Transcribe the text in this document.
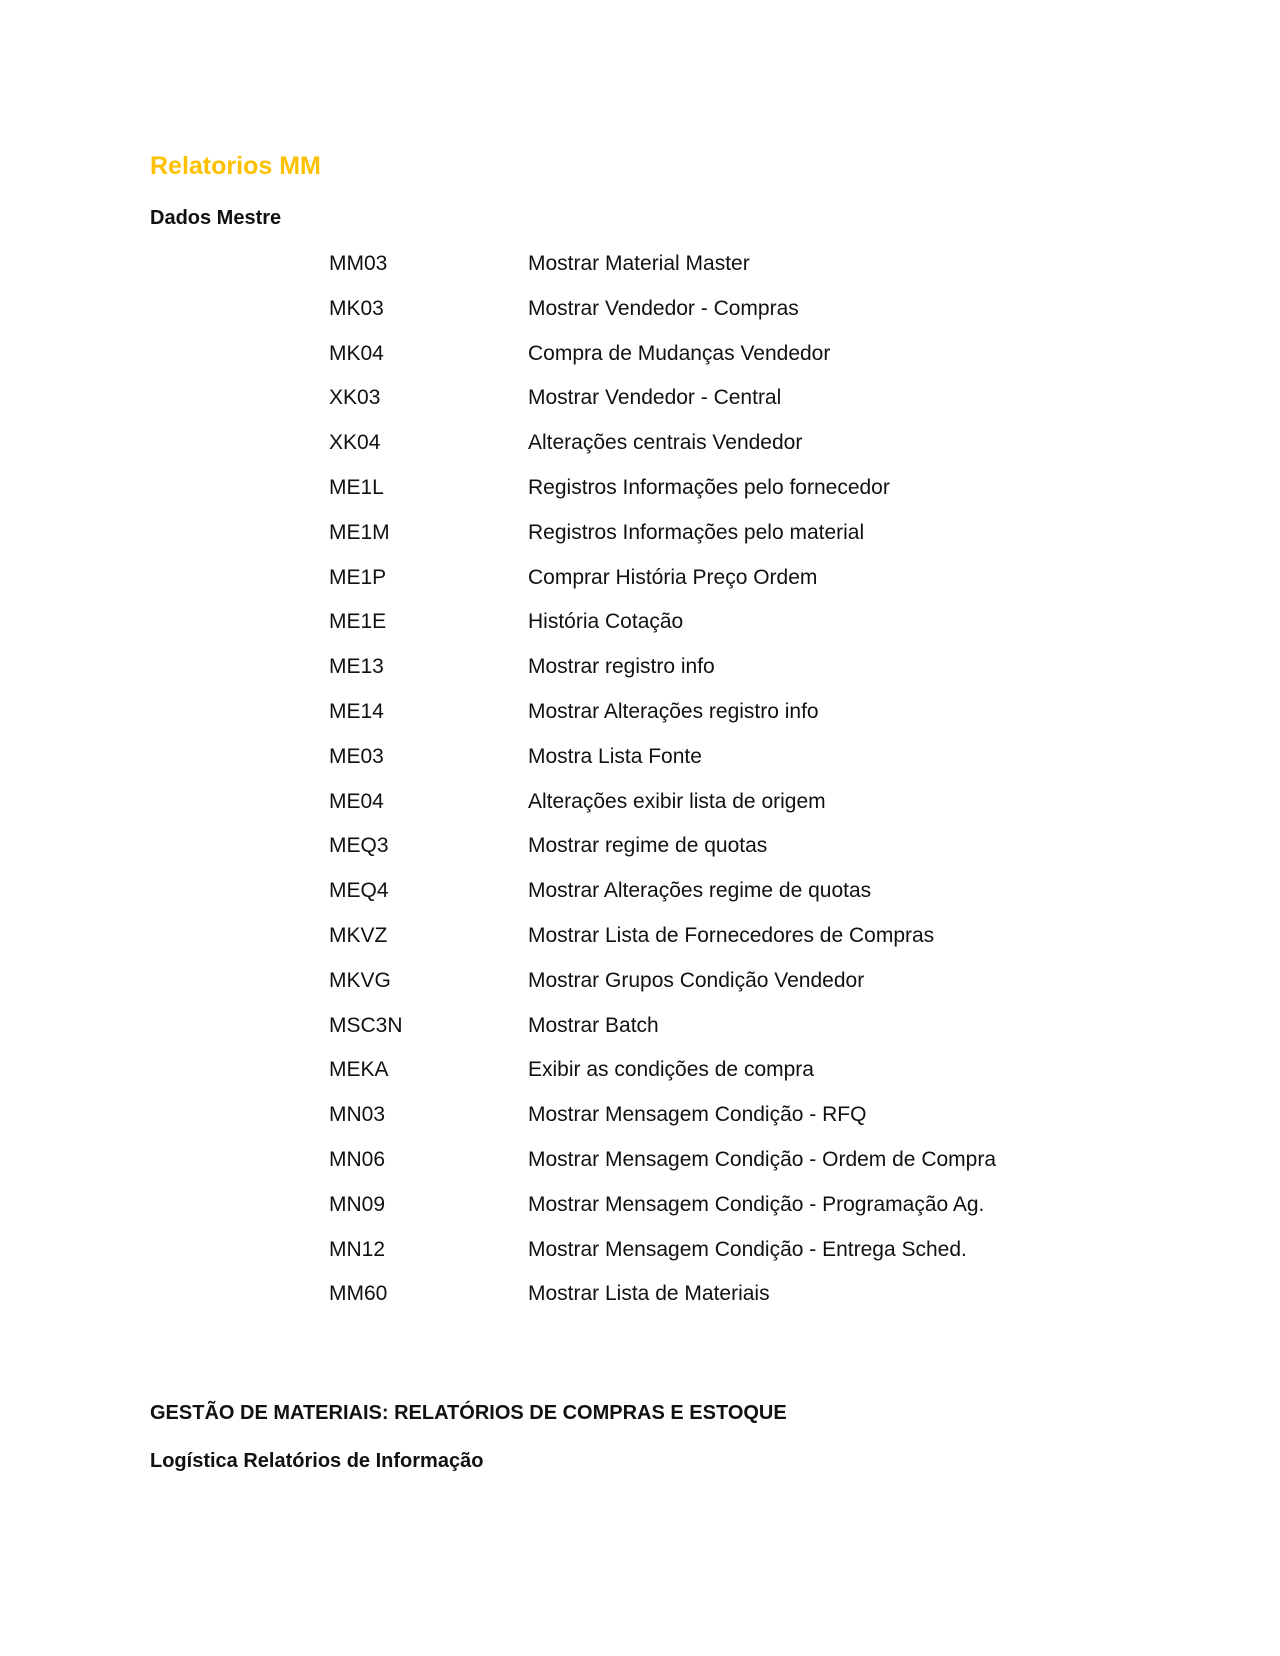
Relatorios MM
Dados Mestre
MM03	Mostrar Material Master
MK03	Mostrar Vendedor - Compras
MK04	Compra de Mudanças Vendedor
XK03	Mostrar Vendedor - Central
XK04	Alterações centrais Vendedor
ME1L	Registros Informações pelo fornecedor
ME1M	Registros Informações pelo material
ME1P	Comprar História Preço Ordem
ME1E	História Cotação
ME13	Mostrar registro info
ME14	Mostrar Alterações registro info
ME03	Mostra Lista Fonte
ME04	Alterações exibir lista de origem
MEQ3	Mostrar regime de quotas
MEQ4	Mostrar Alterações regime de quotas
MKVZ	Mostrar Lista de Fornecedores de Compras
MKVG	Mostrar Grupos Condição Vendedor
MSC3N	Mostrar Batch
MEKA	Exibir as condições de compra
MN03	Mostrar Mensagem Condição - RFQ
MN06	Mostrar Mensagem Condição - Ordem de Compra
MN09	Mostrar Mensagem Condição - Programação Ag.
MN12	Mostrar Mensagem Condição - Entrega Sched.
MM60	Mostrar Lista de Materiais
GESTÃO DE MATERIAIS: RELATÓRIOS DE COMPRAS E ESTOQUE
Logística Relatórios de Informação
